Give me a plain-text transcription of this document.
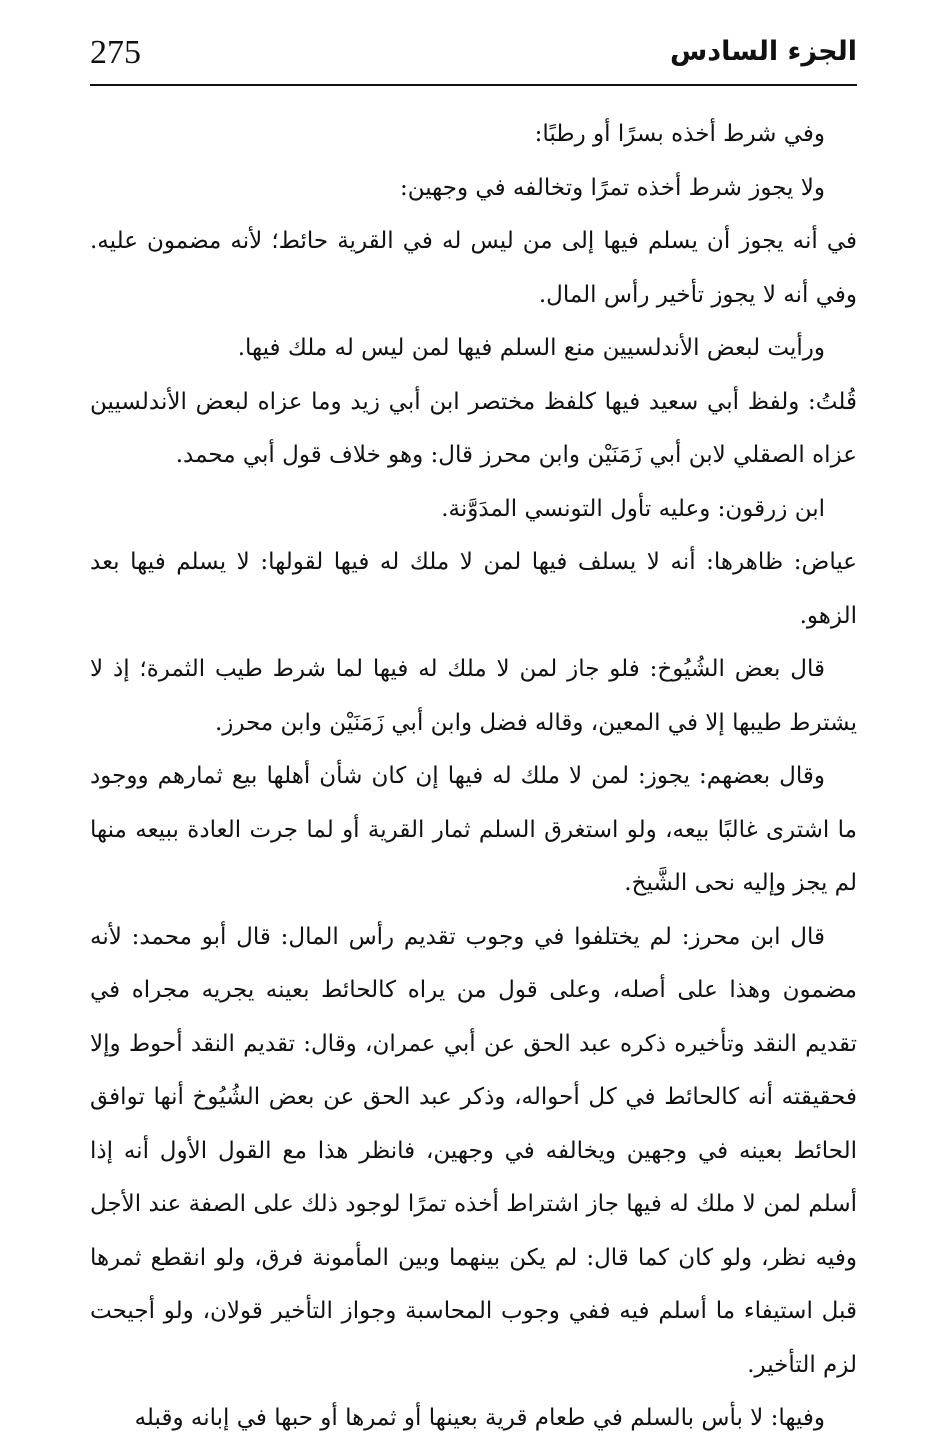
275	الجزء السادس

وفي شرط أخذه بسرًا أو رطبًا:

ولا يجوز شرط أخذه تمرًا وتخالفه في وجهين:

في أنه يجوز أن يسلم فيها إلى من ليس له في القرية حائط؛ لأنه مضمون عليه. وفي أنه لا يجوز تأخير رأس المال.

ورأيت لبعض الأندلسيين منع السلم فيها لمن ليس له ملك فيها.

قُلتُ: ولفظ أبي سعيد فيها كلفظ مختصر ابن أبي زيد وما عزاه لبعض الأندلسيين عزاه الصقلي لابن أبي زَمَنَيْن وابن محرز قال: وهو خلاف قول أبي محمد.

ابن زرقون: وعليه تأول التونسي المدَوَّنة.

عياض: ظاهرها: أنه لا يسلف فيها لمن لا ملك له فيها لقولها: لا يسلم فيها بعد الزهو.

قال بعض الشُيُوخ: فلو جاز لمن لا ملك له فيها لما شرط طيب الثمرة؛ إذ لا يشترط طيبها إلا في المعين، وقاله فضل وابن أبي زَمَنَيْن وابن محرز.

وقال بعضهم: يجوز: لمن لا ملك له فيها إن كان شأن أهلها بيع ثمارهم ووجود ما اشترى غالبًا بيعه، ولو استغرق السلم ثمار القرية أو لما جرت العادة ببيعه منها لم يجز وإليه نحى الشَّيخ.

قال ابن محرز: لم يختلفوا في وجوب تقديم رأس المال: قال أبو محمد: لأنه مضمون وهذا على أصله، وعلى قول من يراه كالحائط بعينه يجريه مجراه في تقديم النقد وتأخيره ذكره عبد الحق عن أبي عمران، وقال: تقديم النقد أحوط وإلا فحقيقته أنه كالحائط في كل أحواله، وذكر عبد الحق عن بعض الشُيُوخ أنها توافق الحائط بعينه في وجهين ويخالفه في وجهين، فانظر هذا مع القول الأول أنه إذا أسلم لمن لا ملك له فيها جاز اشتراط أخذه تمرًا لوجود ذلك على الصفة عند الأجل وفيه نظر، ولو كان كما قال: لم يكن بينهما وبين المأمونة فرق، ولو انقطع ثمرها قبل استيفاء ما أسلم فيه ففي وجوب المحاسبة وجواز التأخير قولان، ولو أجيحت لزم التأخير.

وفيها: لا بأس بالسلم في طعام قرية بعينها أو ثمرها أو حبها في إبانه وقبله
